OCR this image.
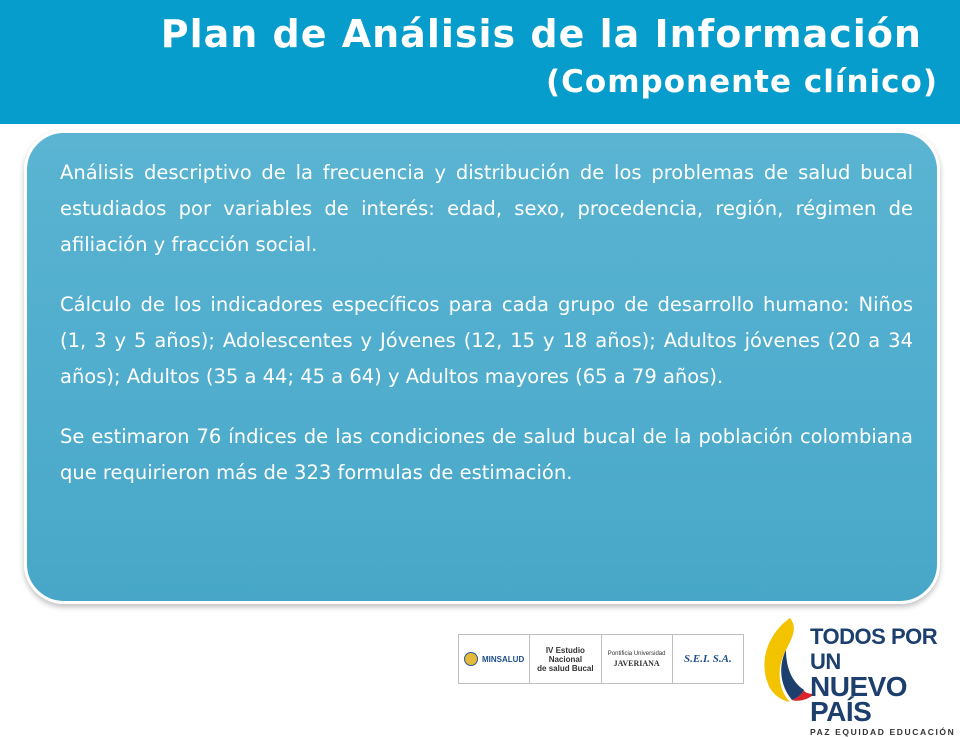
Plan de Análisis de la Información
(Componente clínico)

Análisis descriptivo de la frecuencia y distribución de los problemas de salud bucal estudiados por variables de interés: edad, sexo, procedencia, región, régimen de afiliación y fracción social.

Cálculo de los indicadores específicos para cada grupo de desarrollo humano: Niños (1, 3 y 5 años); Adolescentes y Jóvenes (12, 15 y 18 años); Adultos jóvenes (20 a 34 años); Adultos (35 a 44; 45 a 64) y Adultos mayores (65 a 79 años).

Se estimaron 76 índices de las condiciones de salud bucal de la población colombiana que requirieron más de 323 formulas de estimación.

MINSALUD
IV Estudio Nacional
de salud Bucal
Pontificia Universidad
JAVERIANA S.E.I. S.A.
TODOS POR UN
NUEVO PAÍS
PAZ EQUIDAD EDUCACIÓN
